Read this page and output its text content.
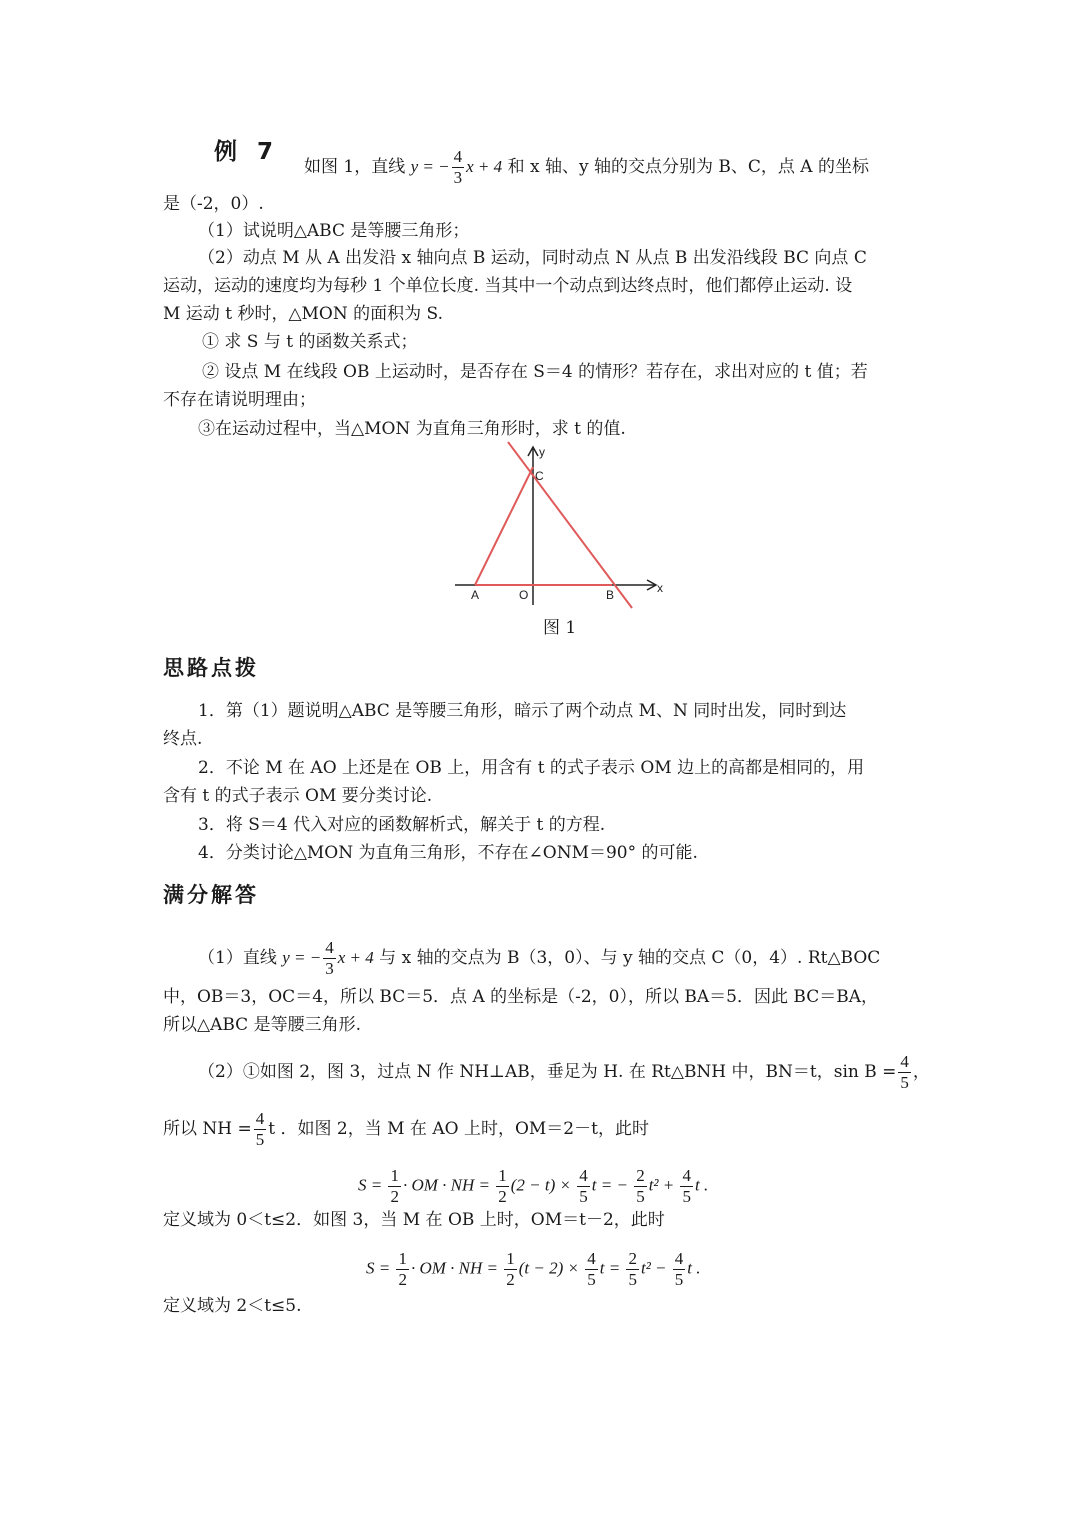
例 7
如图 1，直线 y = − $\frac{4}{3}$ x + 4 和 x 轴、y 轴的交点分别为 B、C，点 A 的坐标
是（-2，0）.
（1）试说明△ABC 是等腰三角形；
（2）动点 M 从 A 出发沿 x 轴向点 B 运动，同时动点 N 从点 B 出发沿线段 BC 向点 C
运动，运动的速度均为每秒 1 个单位长度. 当其中一个动点到达终点时，他们都停止运动. 设
M 运动 t 秒时，△MON 的面积为 S.
① 求 S 与 t 的函数关系式；
② 设点 M 在线段 OB 上运动时，是否存在 S＝4 的情形？若存在，求出对应的 t 值；若
不存在请说明理由；
③在运动过程中，当△MON 为直角三角形时，求 t 的值.
y
C
x
A	O	B
图 1
思路点拨
1．第（1）题说明△ABC 是等腰三角形，暗示了两个动点 M、N 同时出发，同时到达
终点.
2．不论 M 在 AO 上还是在 OB 上，用含有 t 的式子表示 OM 边上的高都是相同的，用
含有 t 的式子表示 OM 要分类讨论.
3．将 S＝4 代入对应的函数解析式，解关于 t 的方程.
4．分类讨论△MON 为直角三角形，不存在∠ONM＝90° 的可能.
满分解答
（1）直线 y = − $\frac{4}{3}$ x + 4 与 x 轴的交点为 B（3，0）、与 y 轴的交点 C（0，4）. Rt△BOC
中，OB＝3，OC＝4，所以 BC＝5．点 A 的坐标是（-2，0），所以 BA＝5．因此 BC＝BA，
所以△ABC 是等腰三角形.
（2）①如图 2，图 3，过点 N 作 NH⊥AB，垂足为 H. 在 Rt△BNH 中，BN＝t，$\sin B = \frac{4}{5}$ ，
所以 NH = $\frac{4}{5}$ t ．如图 2，当 M 在 AO 上时，OM＝2－t，此时
$S = \frac{1}{2}$ · OM · NH = $\frac{1}{2} (2 - t) \times \frac{4}{5}$ t = − $\frac{2}{5} t^2 + \frac{4}{5}$ t .
定义域为 0＜t≤2．如图 3，当 M 在 OB 上时，OM＝t－2，此时
$S = \frac{1}{2}$ · OM · NH = $\frac{1}{2} (t - 2) \times \frac{4}{5}$ $t = \frac{2}{5} t^2 - \frac{4}{5}$ t .
定义域为 2＜t≤5.
